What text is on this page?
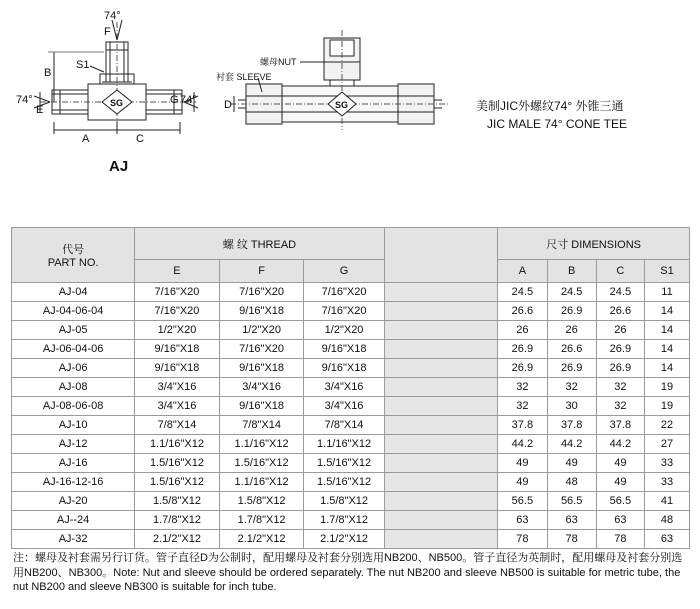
74°
F
B
S1
74°
E
G 74°
A	C
SG
螺母NUT
衬套 SLEEVE
D	SG
AJ
美制JIC外螺纹74° 外锥三通
JIC MALE 74° CONE TEE
代号
PART NO.	螺 纹 THREAD				尺寸 DIMENSIONS			
	E	F	G		A	B	C	S1
AJ-04	7/16"X20	7/16"X20	7/16"X20		24.5	24.5	24.5	11
AJ-04-06-04	7/16"X20	9/16"X18	7/16"X20		26.6	26.9	26.6	14
AJ-05	1/2"X20	1/2"X20	1/2"X20		26	26	26	14
AJ-06-04-06	9/16"X18	7/16"X20	9/16"X18		26.9	26.6	26.9	14
AJ-06	9/16"X18	9/16"X18	9/16"X18		26.9	26.9	26.9	14
AJ-08	3/4"X16	3/4"X16	3/4"X16		32	32	32	19
AJ-08-06-08	3/4"X16	9/16"X18	3/4"X16		32	30	32	19
AJ-10	7/8"X14	7/8"X14	7/8"X14		37.8	37.8	37.8	22
AJ-12	1.1/16"X12	1.1/16"X12	1.1/16"X12		44.2	44.2	44.2	27
AJ-16	1.5/16"X12	1.5/16"X12	1.5/16"X12		49	49	49	33
AJ-16-12-16	1.5/16"X12	1.1/16"X12	1.5/16"X12		49	48	49	33
AJ-20	1.5/8"X12	1.5/8"X12	1.5/8"X12		56.5	56.5	56.5	41
AJ--24	1.7/8"X12	1.7/8"X12	1.7/8"X12		63	63	63	48
AJ-32	2.1/2"X12	2.1/2"X12	2.1/2"X12		78	78	78	63
注：螺母及衬套需另行订货。管子直径D为公制时，配用螺母及衬套分别选用NB200、NB500。管子直径为英制时，配用螺母及衬套分别选用NB200、NB300。Note: Nut and sleeve should be ordered separately. The nut NB200 and sleeve NB500 is suitable for metric tube, the nut NB200 and sleeve NB300 is suitable for inch tube.
